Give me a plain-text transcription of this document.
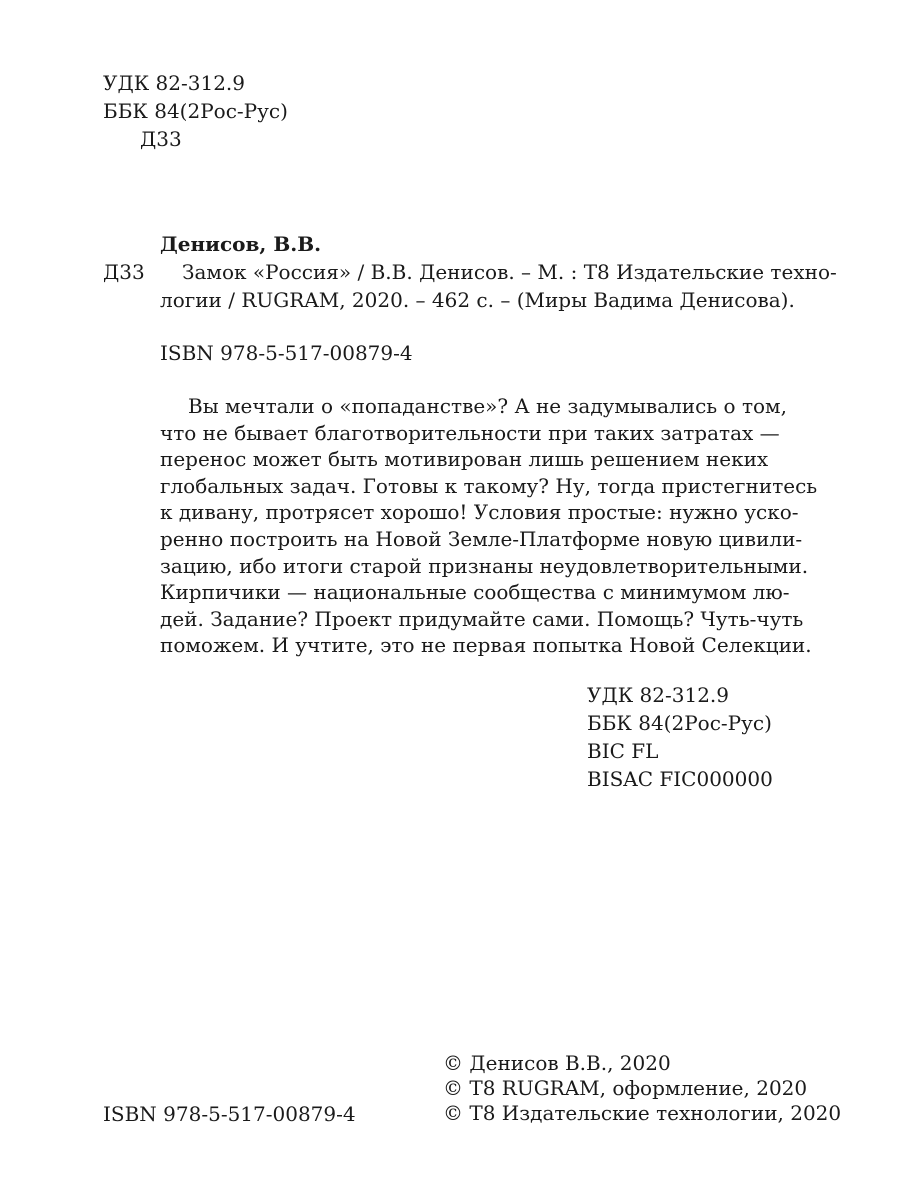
УДК 82-312.9
ББК 84(2Рос-Рус)
Д33
Денисов, В.В.
Д33 Замок «Россия» / В.В. Денисов. – М. : Т8 Издательские техно-
логии / RUGRAM, 2020. – 462 с. – (Миры Вадима Денисова).
ISBN 978-5-517-00879-4
Вы мечтали о «попаданстве»? А не задумывались о том,
что не бывает благотворительности при таких затратах —
перенос может быть мотивирован лишь решением неких
глобальных задач. Готовы к такому? Ну, тогда пристегнитесь
к дивану, протрясет хорошо! Условия простые: нужно уско-
ренно построить на Новой Земле-Платформе новую цивили-
зацию, ибо итоги старой признаны неудовлетворительными.
Кирпичики — национальные сообщества с минимумом лю-
дей. Задание? Проект придумайте сами. Помощь? Чуть-чуть
поможем. И учтите, это не первая попытка Новой Селекции.
УДК 82-312.9
ББК 84(2Рос-Рус)
BIC FL
BISAC FIC000000
ISBN 978-5-517-00879-4
© Денисов В.В., 2020
© Т8 RUGRAM, оформление, 2020
© Т8 Издательские технологии, 2020
